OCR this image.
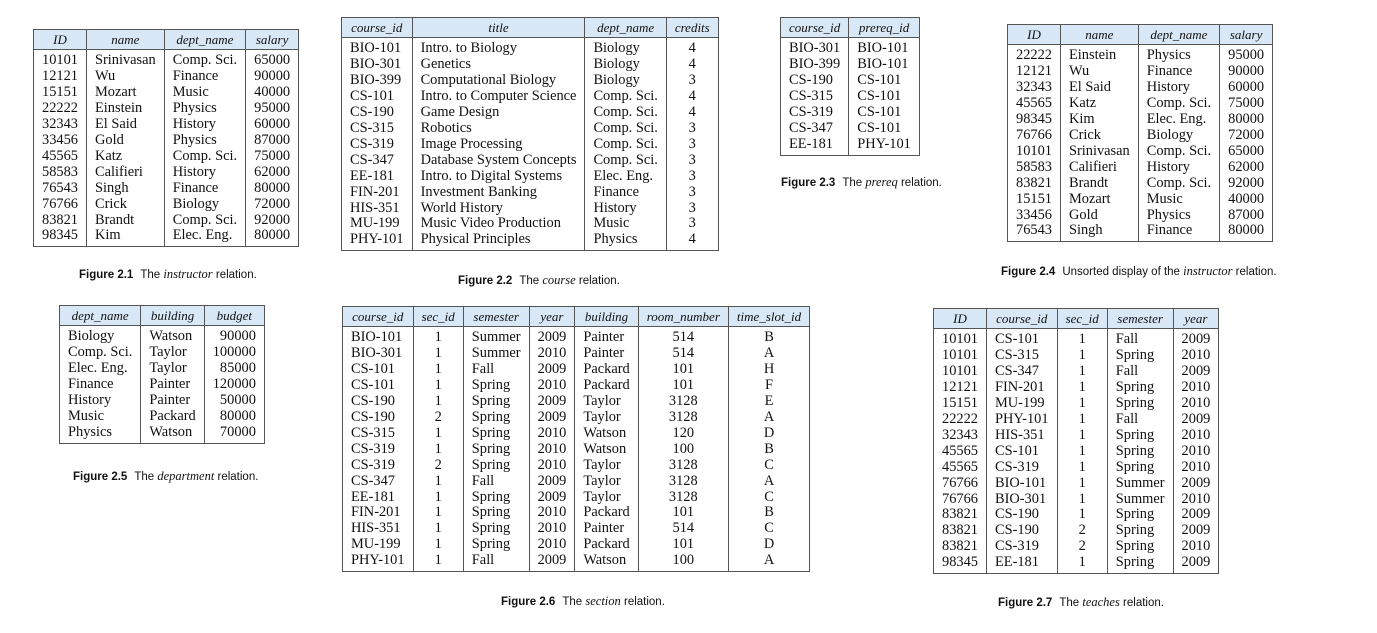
ID	name	dept_name	salary
10101	Srinivasan	Comp. Sci.	65000
12121	Wu	Finance	90000
15151	Mozart	Music	40000
22222	Einstein	Physics	95000
32343	El Said	History	60000
33456	Gold	Physics	87000
45565	Katz	Comp. Sci.	75000
58583	Califieri	History	62000
76543	Singh	Finance	80000
76766	Crick	Biology	72000
83821	Brandt	Comp. Sci.	92000
98345	Kim	Elec. Eng.	80000
Figure 2.1 The instructor relation.
course_id	title	dept_name	credits
BIO-101	Intro. to Biology	Biology	4
BIO-301	Genetics	Biology	4
BIO-399	Computational Biology	Biology	3
CS-101	Intro. to Computer Science	Comp. Sci.	4
CS-190	Game Design	Comp. Sci.	4
CS-315	Robotics	Comp. Sci.	3
CS-319	Image Processing	Comp. Sci.	3
CS-347	Database System Concepts	Comp. Sci.	3
EE-181	Intro. to Digital Systems	Elec. Eng.	3
FIN-201	Investment Banking	Finance	3
HIS-351	World History	History	3
MU-199	Music Video Production	Music	3
PHY-101	Physical Principles	Physics	4
Figure 2.2 The course relation.
course_id	prereq_id
BIO-301	BIO-101
BIO-399	BIO-101
CS-190	CS-101
CS-315	CS-101
CS-319	CS-101
CS-347	CS-101
EE-181	PHY-101
Figure 2.3 The prereq relation.
ID	name	dept_name	salary
22222	Einstein	Physics	95000
12121	Wu	Finance	90000
32343	El Said	History	60000
45565	Katz	Comp. Sci.	75000
98345	Kim	Elec. Eng.	80000
76766	Crick	Biology	72000
10101	Srinivasan	Comp. Sci.	65000
58583	Califieri	History	62000
83821	Brandt	Comp. Sci.	92000
15151	Mozart	Music	40000
33456	Gold	Physics	87000
76543	Singh	Finance	80000
Figure 2.4 Unsorted display of the instructor relation.
dept_name	building	budget
Biology	Watson	90000
Comp. Sci.	Taylor	100000
Elec. Eng.	Taylor	85000
Finance	Painter	120000
History	Painter	50000
Music	Packard	80000
Physics	Watson	70000
Figure 2.5 The department relation.
course_id	sec_id	semester	year	building	room_number	time_slot_id
BIO-101	1	Summer	2009	Painter	514	B
BIO-301	1	Summer	2010	Painter	514	A
CS-101	1	Fall	2009	Packard	101	H
CS-101	1	Spring	2010	Packard	101	F
CS-190	1	Spring	2009	Taylor	3128	E
CS-190	2	Spring	2009	Taylor	3128	A
CS-315	1	Spring	2010	Watson	120	D
CS-319	1	Spring	2010	Watson	100	B
CS-319	2	Spring	2010	Taylor	3128	C
CS-347	1	Fall	2009	Taylor	3128	A
EE-181	1	Spring	2009	Taylor	3128	C
FIN-201	1	Spring	2010	Packard	101	B
HIS-351	1	Spring	2010	Painter	514	C
MU-199	1	Spring	2010	Packard	101	D
PHY-101	1	Fall	2009	Watson	100	A
Figure 2.6 The section relation.
ID	course_id	sec_id	semester	year
10101	CS-101	1	Fall	2009
10101	CS-315	1	Spring	2010
10101	CS-347	1	Fall	2009
12121	FIN-201	1	Spring	2010
15151	MU-199	1	Spring	2010
22222	PHY-101	1	Fall	2009
32343	HIS-351	1	Spring	2010
45565	CS-101	1	Spring	2010
45565	CS-319	1	Spring	2010
76766	BIO-101	1	Summer	2009
76766	BIO-301	1	Summer	2010
83821	CS-190	1	Spring	2009
83821	CS-190	2	Spring	2009
83821	CS-319	2	Spring	2010
98345	EE-181	1	Spring	2009
Figure 2.7 The teaches relation.
